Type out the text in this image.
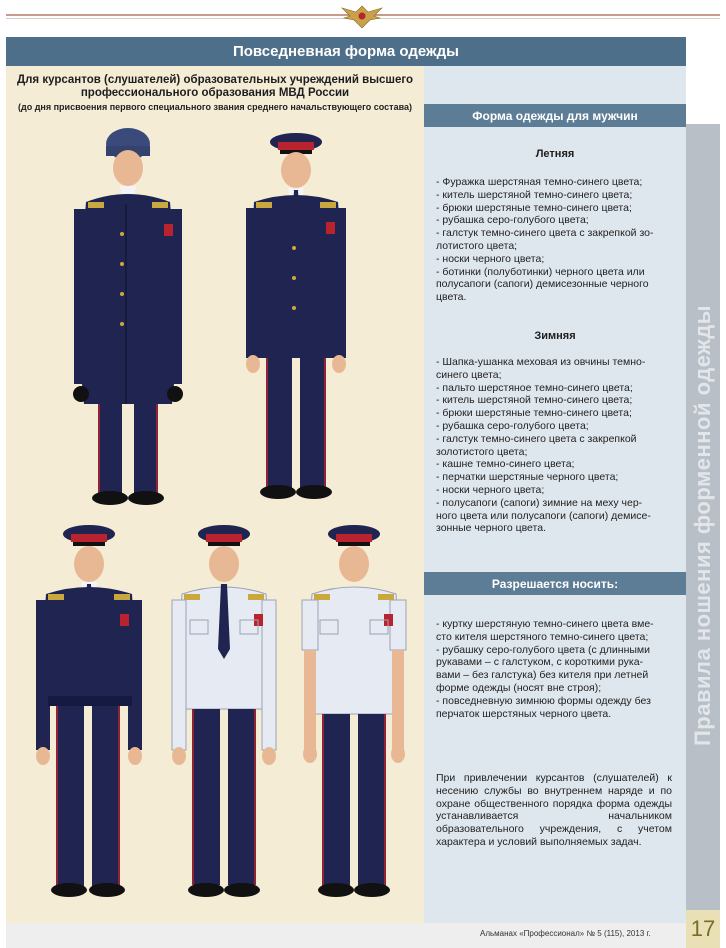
Повседневная форма одежды
Для курсантов (слушателей) образовательных учреждений высшего
профессионального образования МВД России
(до дня присвоения первого специального звания среднего начальствующего состава)
Форма одежды для мужчин
Летняя
- Фуражка шерстяная темно-синего цвета;
- китель шерстяной темно-синего цвета;
- брюки шерстяные темно-синего цвета;
- рубашка серо-голубого цвета;
- галстук темно-синего цвета с закрепкой зо-
лотистого цвета;
- носки черного цвета;
- ботинки (полуботинки) черного цвета или
полусапоги (сапоги) демисезонные черного
цвета.
Зимняя
- Шапка-ушанка меховая из овчины темно-
синего цвета;
- пальто шерстяное темно-синего цвета;
- китель шерстяной темно-синего цвета;
- брюки шерстяные темно-синего цвета;
- рубашка серо-голубого цвета;
- галстук темно-синего цвета с закрепкой
золотистого цвета;
- кашне темно-синего цвета;
- перчатки шерстяные черного цвета;
- носки черного цвета;
- полусапоги (сапоги) зимние на меху чер-
ного цвета или полусапоги (сапоги) демисе-
зонные черного цвета.
Разрешается носить:
- куртку шерстяную темно-синего цвета вме-
сто кителя шерстяного темно-синего цвета;
- рубашку серо-голубого цвета (с длинными
рукавами – с галстуком, с короткими рука-
вами – без галстука) без кителя при летней
форме одежды (носят вне строя);
- повседневную зимнюю формы одежду без
перчаток шерстяных черного цвета.
При привлечении курсантов (слушателей) к несению службы во внутреннем наряде и по охране общественного порядка форма одежды устанавливается начальником образовательного учреждения, с учетом характера и условий выполняемых задач.
Правила ношения форменной одежды
Альманах «Профессионал» № 5 (115), 2013 г. 17
